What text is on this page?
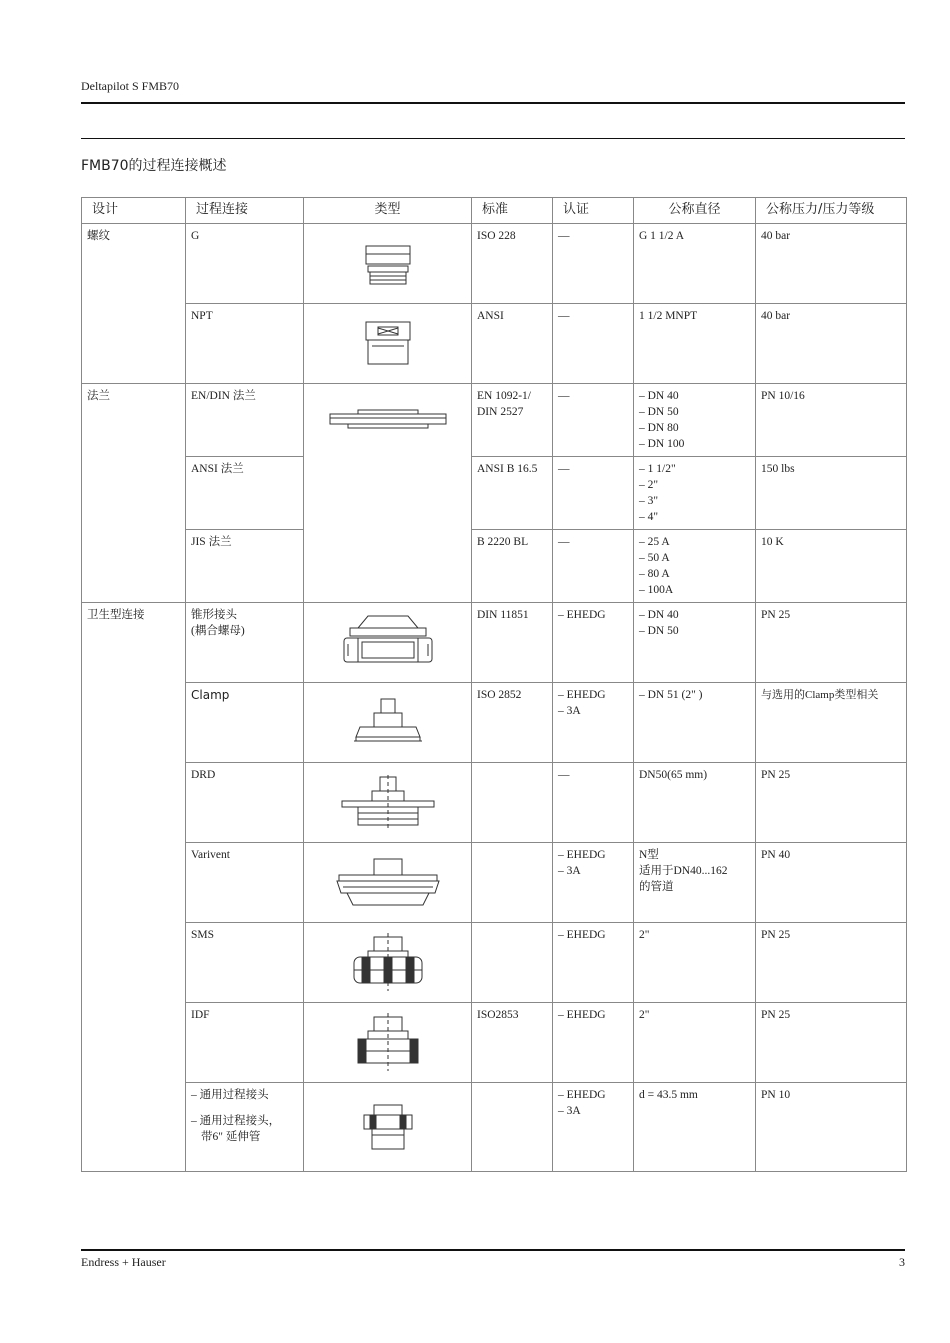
Deltapilot S FMB70
FMB70的过程连接概述
设计	过程连接	类型	标准	认证	公称直径	公称压力/压力等级
螺纹	G		ISO 228	—	G 1 1/2 A	40 bar
	NPT		ANSI	—	1 1/2 MNPT	40 bar
法兰	EN/DIN 法兰		EN 1092-1/
DIN 2527	—	– DN 40
– DN 50
– DN 80
– DN 100	PN 10/16
	ANSI 法兰		ANSI B 16.5	—	– 1 1/2"
– 2"
– 3"
– 4"	150 lbs
	JIS 法兰		B 2220 BL	—	– 25 A
– 50 A
– 80 A
– 100A	10 K
卫生型连接	锥形接头
(耦合螺母)		DIN 11851	– EHEDG	– DN 40
– DN 50	PN 25
	Clamp		ISO 2852	– EHEDG
– 3A	– DN 51 (2" )	与选用的Clamp类型相关
	DRD			—	DN50(65 mm)	PN 25
	Varivent			– EHEDG
– 3A	N型
适用于DN40...162
的管道	PN 40
	SMS			– EHEDG	2"	PN 25
	IDF		ISO2853	– EHEDG	2"	PN 25

	– 通用过程接头
– 通用过程接头，
带6" 延伸管			– EHEDG
– 3A	d = 43.5 mm	PN 10
Endress + Hauser	3
